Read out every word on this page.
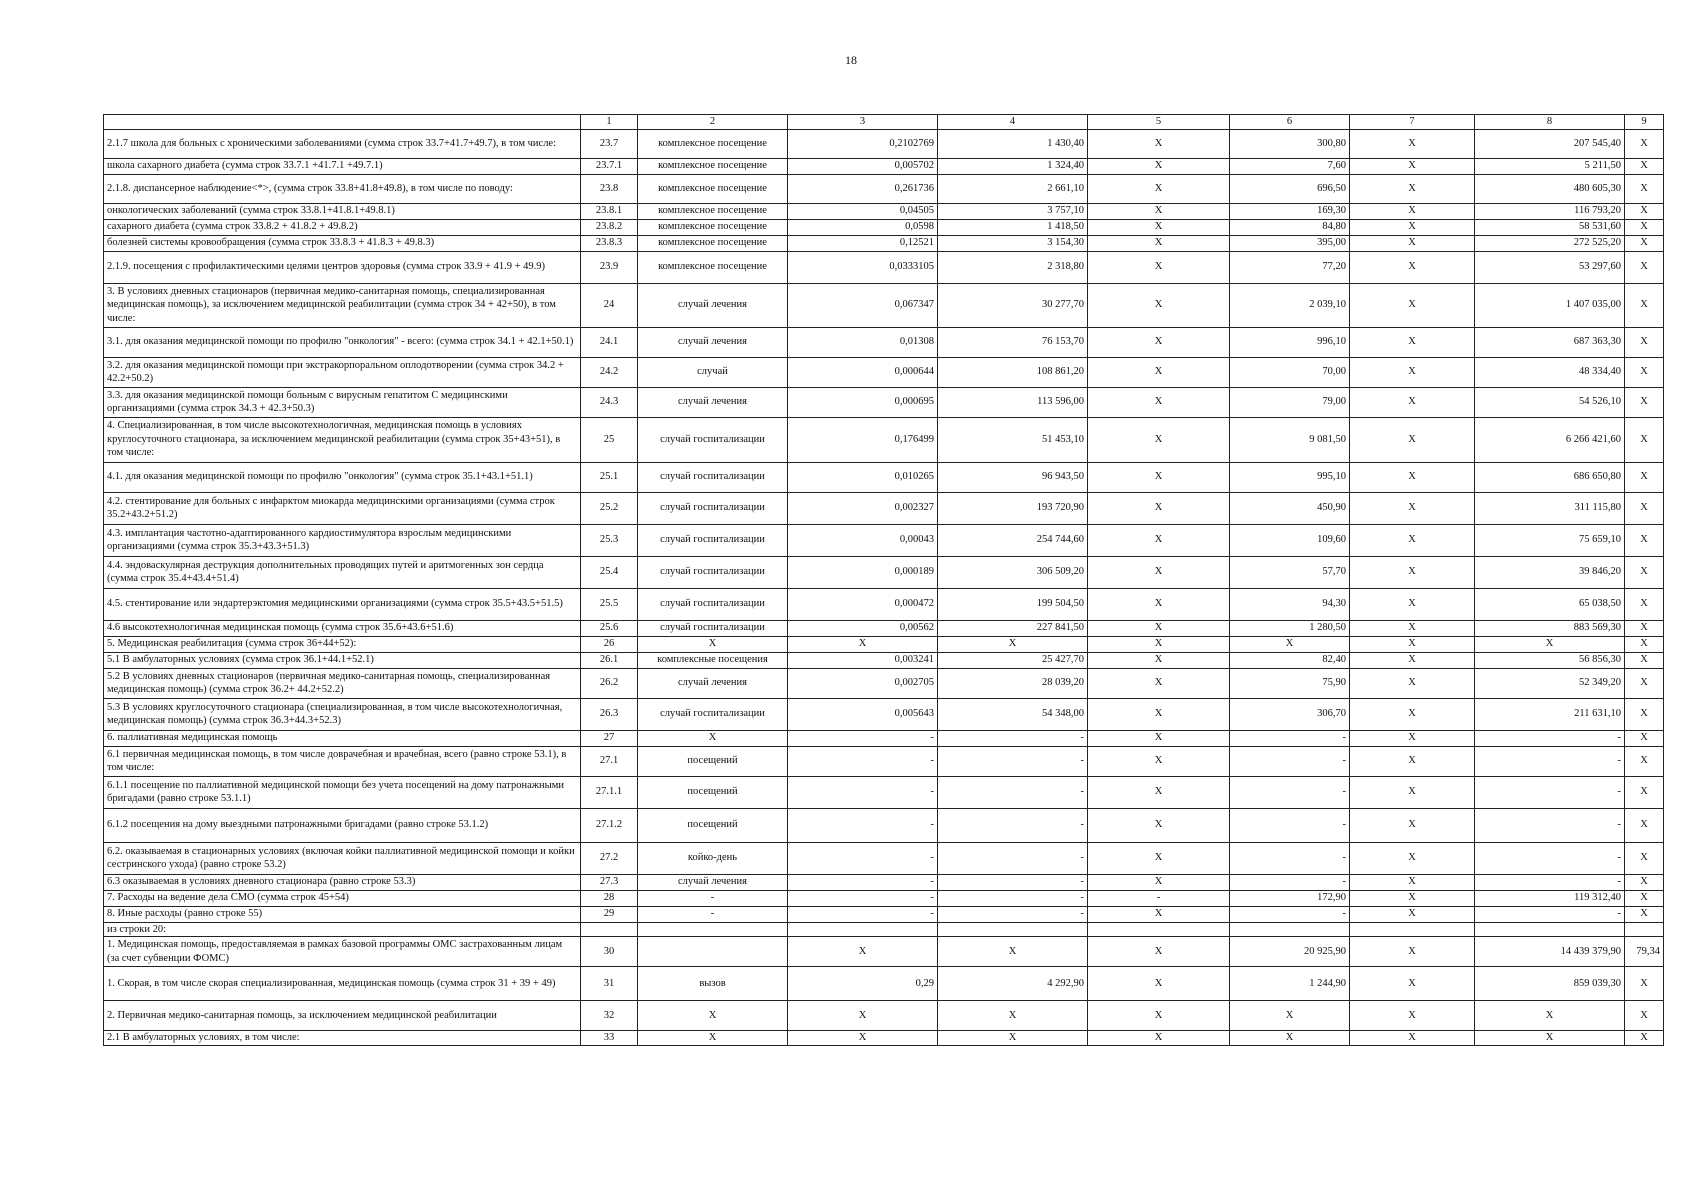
18
	1	2	3	4	5	6	7	8	9
2.1.7 школа для больных с хроническими заболеваниями (сумма строк 33.7+41.7+49.7), в том числе:	23.7	комплексное посещение	0,2102769	1 430,40	X	300,80	X	207 545,40	X
школа сахарного диабета (сумма строк 33.7.1 +41.7.1 +49.7.1)	23.7.1	комплексное посещение	0,005702	1 324,40	X	7,60	X	5 211,50	X
2.1.8. диспансерное наблюдение<*>, (сумма строк 33.8+41.8+49.8), в том числе по поводу:	23.8	комплексное посещение	0,261736	2 661,10	X	696,50	X	480 605,30	X
онкологических заболеваний (сумма строк 33.8.1+41.8.1+49.8.1)	23.8.1	комплексное посещение	0,04505	3 757,10	X	169,30	X	116 793,20	X
сахарного диабета (сумма строк 33.8.2 + 41.8.2 + 49.8.2)	23.8.2	комплексное посещение	0,0598	1 418,50	X	84,80	X	58 531,60	X
болезней системы кровообращения (сумма строк 33.8.3 + 41.8.3 + 49.8.3)	23.8.3	комплексное посещение	0,12521	3 154,30	X	395,00	X	272 525,20	X
2.1.9. посещения с профилактическими целями центров здоровья (сумма строк 33.9 + 41.9 + 49.9)	23.9	комплексное посещение	0,0333105	2 318,80	X	77,20	X	53 297,60	X
3. В условиях дневных стационаров (первичная медико-санитарная помощь, специализированная медицинская помощь), за исключением медицинской реабилитации (сумма строк 34 + 42+50), в том числе:	24	случай лечения	0,067347	30 277,70	X	2 039,10	X	1 407 035,00	X
3.1. для оказания медицинской помощи по профилю "онкология" - всего: (сумма строк 34.1 + 42.1+50.1)	24.1	случай лечения	0,01308	76 153,70	X	996,10	X	687 363,30	X
3.2. для оказания медицинской помощи при экстракорпоральном оплодотворении (сумма строк 34.2 + 42.2+50.2)	24.2	случай	0,000644	108 861,20	X	70,00	X	48 334,40	X
3.3. для оказания медицинской помощи больным с вирусным гепатитом С медицинскими организациями (сумма строк 34.3 + 42.3+50.3)	24.3	случай лечения	0,000695	113 596,00	X	79,00	X	54 526,10	X
4. Специализированная, в том числе высокотехнологичная, медицинская помощь в условиях круглосуточного стационара, за исключением медицинской реабилитации (сумма строк 35+43+51), в том числе:	25	случай госпитализации	0,176499	51 453,10	X	9 081,50	X	6 266 421,60	X
4.1. для оказания медицинской помощи по профилю "онкология" (сумма строк 35.1+43.1+51.1)	25.1	случай госпитализации	0,010265	96 943,50	X	995,10	X	686 650,80	X
4.2. стентирование для больных с инфарктом миокарда медицинскими организациями (сумма строк 35.2+43.2+51.2)	25.2	случай госпитализации	0,002327	193 720,90	X	450,90	X	311 115,80	X
4.3. имплантация частотно-адаптированного кардиостимулятора взрослым медицинскими организациями (сумма строк 35.3+43.3+51.3)	25.3	случай госпитализации	0,00043	254 744,60	X	109,60	X	75 659,10	X
4.4. эндоваскулярная деструкция дополнительных проводящих путей и аритмогенных зон сердца (сумма строк 35.4+43.4+51.4)	25.4	случай госпитализации	0,000189	306 509,20	X	57,70	X	39 846,20	X
4.5. стентирование или эндартерэктомия медицинскими организациями (сумма строк 35.5+43.5+51.5)	25.5	случай госпитализации	0,000472	199 504,50	X	94,30	X	65 038,50	X
4.6 высокотехнологичная медицинская помощь (сумма строк 35.6+43.6+51.6)	25.6	случай госпитализации	0,00562	227 841,50	X	1 280,50	X	883 569,30	X
5. Медицинская реабилитация (сумма строк 36+44+52):	26	X	X	X	X	X	X	X	X
5.1 В амбулаторных условиях (сумма строк 36.1+44.1+52.1)	26.1	комплексные посещения	0,003241	25 427,70	X	82,40	X	56 856,30	X
5.2 В условиях дневных стационаров (первичная медико-санитарная помощь, специализированная медицинская помощь) (сумма строк 36.2+ 44.2+52.2)	26.2	случай лечения	0,002705	28 039,20	X	75,90	X	52 349,20	X
5.3 В условиях круглосуточного стационара (специализированная, в том числе высокотехнологичная, медицинская помощь) (сумма строк 36.3+44.3+52.3)	26.3	случай госпитализации	0,005643	54 348,00	X	306,70	X	211 631,10	X
6. паллиативная медицинская помощь	27	X	-	-	X	-	X	-	X
6.1 первичная медицинская помощь, в том числе доврачебная и врачебная, всего (равно строке 53.1), в том числе:	27.1	посещений	-	-	X	-	X	-	X
6.1.1 посещение по паллиативной медицинской помощи без учета посещений на дому патронажными бригадами (равно строке 53.1.1)	27.1.1	посещений	-	-	X	-	X	-	X
6.1.2 посещения на дому выездными патронажными бригадами (равно строке 53.1.2)	27.1.2	посещений	-	-	X	-	X	-	X
6.2. оказываемая в стационарных условиях (включая койки паллиативной медицинской помощи и койки сестринского ухода) (равно строке 53.2)	27.2	койко-день	-	-	X	-	X	-	X
6.3 оказываемая в условиях дневного стационара (равно строке 53.3)	27.3	случай лечения	-	-	X	-	X	-	X
7. Расходы на ведение дела СМО (сумма строк 45+54)	28	-	-	-	-	172,90	X	119 312,40	X
8. Иные расходы (равно строке 55)	29	-	-	-	X	-	X	-	X
из строки 20:									
1. Медицинская помощь, предоставляемая в рамках базовой программы ОМС застрахованным лицам (за счет субвенции ФОМС)	30		X	X	X	20 925,90	X	14 439 379,90	79,34
1. Скорая, в том числе скорая специализированная, медицинская помощь (сумма строк 31 + 39 + 49)	31	вызов	0,29	4 292,90	X	1 244,90	X	859 039,30	X
2. Первичная медико-санитарная помощь, за исключением медицинской реабилитации	32	X	X	X	X	X	X	X	X
2.1 В амбулаторных условиях, в том числе:	33	X	X	X	X	X	X	X	X
